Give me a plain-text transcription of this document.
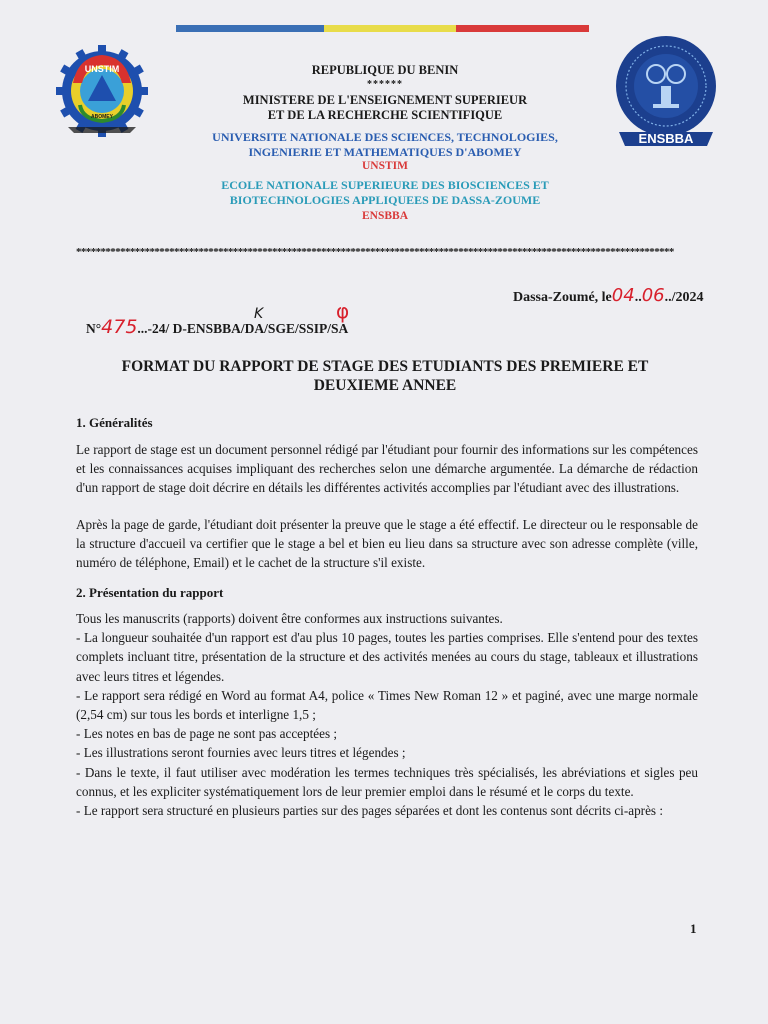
UNSTIM
ABOMEY
ENSBBA
REPUBLIQUE DU BENIN
******
MINISTERE DE L'ENSEIGNEMENT SUPERIEUR
ET DE LA RECHERCHE SCIENTIFIQUE
UNIVERSITE NATIONALE DES SCIENCES, TECHNOLOGIES,
INGENIERIE ET MATHEMATIQUES D'ABOMEY
UNSTIM
ECOLE NATIONALE SUPERIEURE DES BIOSCIENCES ET
BIOTECHNOLOGIES APPLIQUEES DE DASSA-ZOUME
ENSBBA
**************************************************************************************************************************
Dassa-Zoumé, le04..06../2024
N°475...-24/ D-ENSBBA/DA/SGE/SSIP/SA
K	φ
FORMAT DU RAPPORT DE STAGE DES ETUDIANTS DES PREMIERE ET
DEUXIEME ANNEE
1. Généralités
Le rapport de stage est un document personnel rédigé par l'étudiant pour fournir des informations sur les compétences et les connaissances acquises impliquant des recherches selon une démarche argumentée. La démarche de rédaction d'un rapport de stage doit décrire en détails les différentes activités accomplies par l'étudiant avec des illustrations.
Après la page de garde, l'étudiant doit présenter la preuve que le stage a été effectif. Le directeur ou le responsable de la structure d'accueil va certifier que le stage a bel et bien eu lieu dans sa structure avec son adresse complète (ville, numéro de téléphone, Email) et le cachet de la structure s'il existe.
2. Présentation du rapport
Tous les manuscrits (rapports) doivent être conformes aux instructions suivantes.
- La longueur souhaitée d'un rapport est d'au plus 10 pages, toutes les parties comprises. Elle s'entend pour des textes complets incluant titre, présentation de la structure et des activités menées au cours du stage, tableaux et illustrations avec leurs titres et légendes.
- Le rapport sera rédigé en Word au format A4, police « Times New Roman 12 » et paginé, avec une marge normale (2,54 cm) sur tous les bords et interligne 1,5 ;
- Les notes en bas de page ne sont pas acceptées ;
- Les illustrations seront fournies avec leurs titres et légendes ;
- Dans le texte, il faut utiliser avec modération les termes techniques très spécialisés, les abréviations et sigles peu connus, et les expliciter systématiquement lors de leur premier emploi dans le résumé et le corps du texte.
- Le rapport sera structuré en plusieurs parties sur des pages séparées et dont les contenus sont décrits ci-après :
1
